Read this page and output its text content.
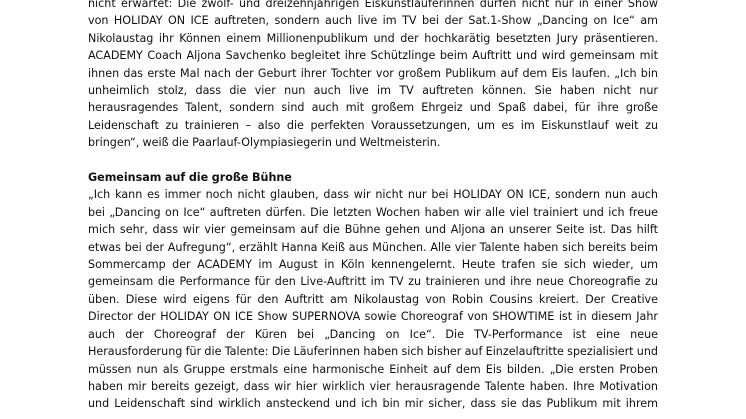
nicht erwartet: Die zwölf- und dreizehnjährigen Eiskunstläuferinnen dürfen nicht nur in einer Show
von HOLIDAY ON ICE auftreten, sondern auch live im TV bei der Sat.1-Show „Dancing on Ice“ am
Nikolaustag ihr Können einem Millionenpublikum und der hochkarätig besetzten Jury präsentieren.
ACADEMY Coach Aljona Savchenko begleitet ihre Schützlinge beim Auftritt und wird gemeinsam mit
ihnen das erste Mal nach der Geburt ihrer Tochter vor großem Publikum auf dem Eis laufen. „Ich bin
unheimlich stolz, dass die vier nun auch live im TV auftreten können. Sie haben nicht nur
herausragendes Talent, sondern sind auch mit großem Ehrgeiz und Spaß dabei, für ihre große
Leidenschaft zu trainieren – also die perfekten Voraussetzungen, um es im Eiskunstlauf weit zu
bringen“, weiß die Paarlauf-Olympiasiegerin und Weltmeisterin.
Gemeinsam auf die große Bühne
„Ich kann es immer noch nicht glauben, dass wir nicht nur bei HOLIDAY ON ICE, sondern nun auch
bei „Dancing on Ice“ auftreten dürfen. Die letzten Wochen haben wir alle viel trainiert und ich freue
mich sehr, dass wir vier gemeinsam auf die Bühne gehen und Aljona an unserer Seite ist. Das hilft
etwas bei der Aufregung“, erzählt Hanna Keiß aus München. Alle vier Talente haben sich bereits beim
Sommercamp der ACADEMY im August in Köln kennengelernt. Heute trafen sie sich wieder, um
gemeinsam die Performance für den Live-Auftritt im TV zu trainieren und ihre neue Choreografie zu
üben. Diese wird eigens für den Auftritt am Nikolaustag von Robin Cousins kreiert. Der Creative
Director der HOLIDAY ON ICE Show SUPERNOVA sowie Choreograf von SHOWTIME ist in diesem Jahr
auch der Choreograf der Küren bei „Dancing on Ice“. Die TV-Performance ist eine neue
Herausforderung für die Talente: Die Läuferinnen haben sich bisher auf Einzelauftritte spezialisiert und
müssen nun als Gruppe erstmals eine harmonische Einheit auf dem Eis bilden. „Die ersten Proben
haben mir bereits gezeigt, dass wir hier wirklich vier herausragende Talente haben. Ihre Motivation
und Leidenschaft sind wirklich ansteckend und ich bin mir sicher, dass sie das Publikum mit ihrem
